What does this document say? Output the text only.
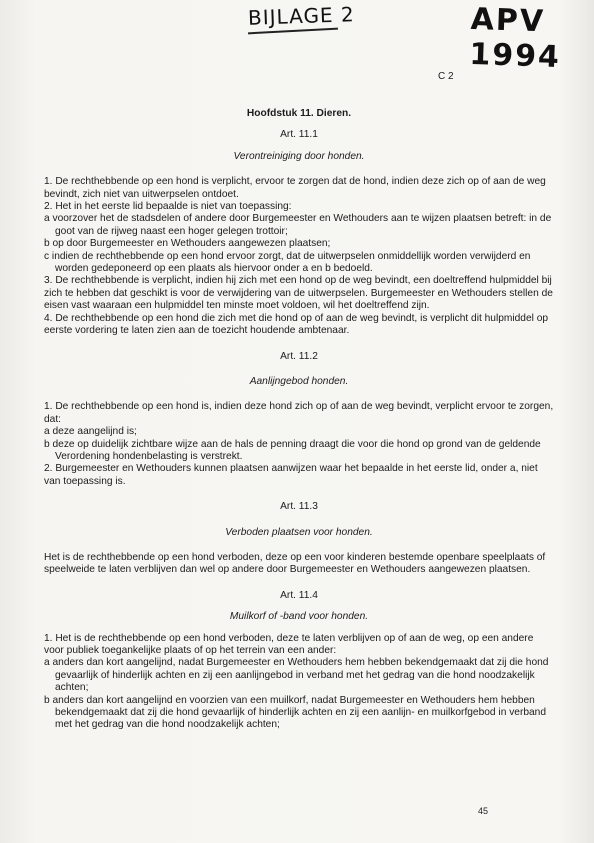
BIJLAGE 2	APV 1994
C 2

Hoofdstuk 11. Dieren.

Art. 11.1

Verontreiniging door honden.

1. De rechthebbende op een hond is verplicht, ervoor te zorgen dat de hond, indien deze zich op of aan de weg bevindt, zich niet van uitwerpselen ontdoet.

2. Het in het eerste lid bepaalde is niet van toepassing:

a voorzover het de stadsdelen of andere door Burgemeester en Wethouders aan te wijzen plaatsen betreft: in de goot van de rijweg naast een hoger gelegen trottoir;

b op door Burgemeester en Wethouders aangewezen plaatsen;

c indien de rechthebbende op een hond ervoor zorgt, dat de uitwerpselen onmiddellijk worden verwijderd en worden gedeponeerd op een plaats als hiervoor onder a en b bedoeld.

3. De rechthebbende is verplicht, indien hij zich met een hond op de weg bevindt, een doeltreffend hulpmiddel bij zich te hebben dat geschikt is voor de verwijdering van de uitwerpselen. Burgemeester en Wethouders stellen de eisen vast waaraan een hulpmiddel ten minste moet voldoen, wil het doeltreffend zijn.

4. De rechthebbende op een hond die zich met die hond op of aan de weg bevindt, is verplicht dit hulpmiddel op eerste vordering te laten zien aan de toezicht houdende ambtenaar.

Art. 11.2

Aanlijngebod honden.

1. De rechthebbende op een hond is, indien deze hond zich op of aan de weg bevindt, verplicht ervoor te zorgen, dat:

a deze aangelijnd is;

b deze op duidelijk zichtbare wijze aan de hals de penning draagt die voor die hond op grond van de geldende Verordening hondenbelasting is verstrekt.

2. Burgemeester en Wethouders kunnen plaatsen aanwijzen waar het bepaalde in het eerste lid, onder a, niet van toepassing is.

Art. 11.3

Verboden plaatsen voor honden.

Het is de rechthebbende op een hond verboden, deze op een voor kinderen bestemde openbare speelplaats of speelweide te laten verblijven dan wel op andere door Burgemeester en Wethouders aangewezen plaatsen.

Art. 11.4

Muilkorf of -band voor honden.

1. Het is de rechthebbende op een hond verboden, deze te laten verblijven op of aan de weg, op een andere voor publiek toegankelijke plaats of op het terrein van een ander:

a anders dan kort aangelijnd, nadat Burgemeester en Wethouders hem hebben bekendgemaakt dat zij die hond gevaarlijk of hinderlijk achten en zij een aanlijngebod in verband met het gedrag van die hond noodzakelijk achten;

b anders dan kort aangelijnd en voorzien van een muilkorf, nadat Burgemeester en Wethouders hem hebben bekendgemaakt dat zij die hond gevaarlijk of hinderlijk achten en zij een aanlijn- en muilkorfgebod in verband met het gedrag van die hond noodzakelijk achten;

45
